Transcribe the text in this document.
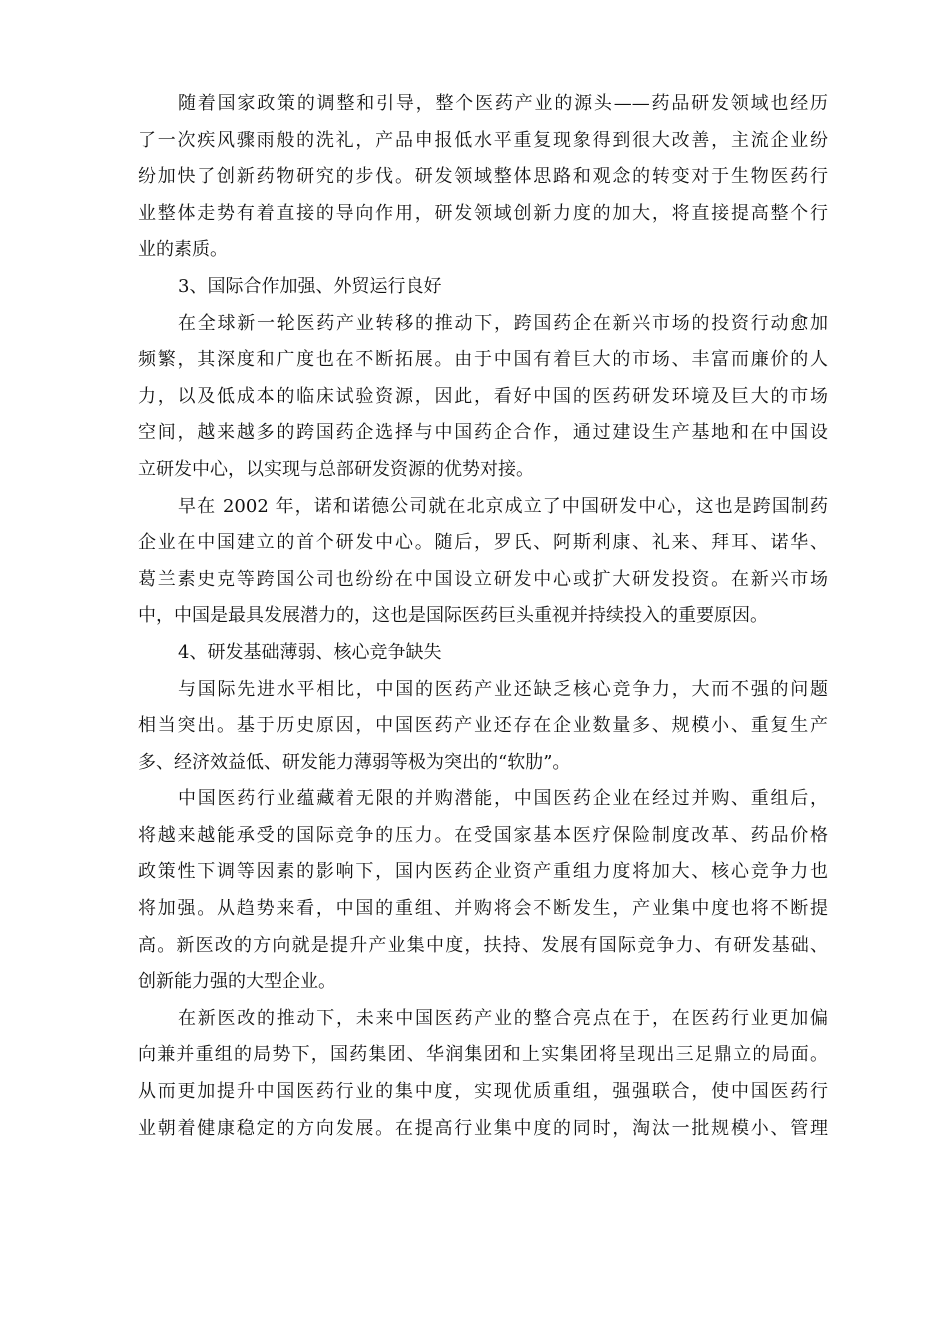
随着国家政策的调整和引导，整个医药产业的源头——药品研发领域也经历
了一次疾风骤雨般的洗礼，产品申报低水平重复现象得到很大改善，主流企业纷
纷加快了创新药物研究的步伐。研发领域整体思路和观念的转变对于生物医药行
业整体走势有着直接的导向作用，研发领域创新力度的加大，将直接提高整个行
业的素质。
3、国际合作加强、外贸运行良好
在全球新一轮医药产业转移的推动下，跨国药企在新兴市场的投资行动愈加
频繁，其深度和广度也在不断拓展。由于中国有着巨大的市场、丰富而廉价的人
力，以及低成本的临床试验资源，因此，看好中国的医药研发环境及巨大的市场
空间，越来越多的跨国药企选择与中国药企合作，通过建设生产基地和在中国设
立研发中心，以实现与总部研发资源的优势对接。
早在 2002 年，诺和诺德公司就在北京成立了中国研发中心，这也是跨国制药
企业在中国建立的首个研发中心。随后，罗氏、阿斯利康、礼来、拜耳、诺华、
葛兰素史克等跨国公司也纷纷在中国设立研发中心或扩大研发投资。在新兴市场
中，中国是最具发展潜力的，这也是国际医药巨头重视并持续投入的重要原因。
4、研发基础薄弱、核心竞争缺失
与国际先进水平相比，中国的医药产业还缺乏核心竞争力，大而不强的问题
相当突出。基于历史原因，中国医药产业还存在企业数量多、规模小、重复生产
多、经济效益低、研发能力薄弱等极为突出的“软肋”。
中国医药行业蕴藏着无限的并购潜能，中国医药企业在经过并购、重组后，
将越来越能承受的国际竞争的压力。在受国家基本医疗保险制度改革、药品价格
政策性下调等因素的影响下，国内医药企业资产重组力度将加大、核心竞争力也
将加强。从趋势来看，中国的重组、并购将会不断发生，产业集中度也将不断提
高。新医改的方向就是提升产业集中度，扶持、发展有国际竞争力、有研发基础、
创新能力强的大型企业。
在新医改的推动下，未来中国医药产业的整合亮点在于，在医药行业更加偏
向兼并重组的局势下，国药集团、华润集团和上实集团将呈现出三足鼎立的局面。
从而更加提升中国医药行业的集中度，实现优质重组，强强联合，使中国医药行
业朝着健康稳定的方向发展。在提高行业集中度的同时，淘汰一批规模小、管理
